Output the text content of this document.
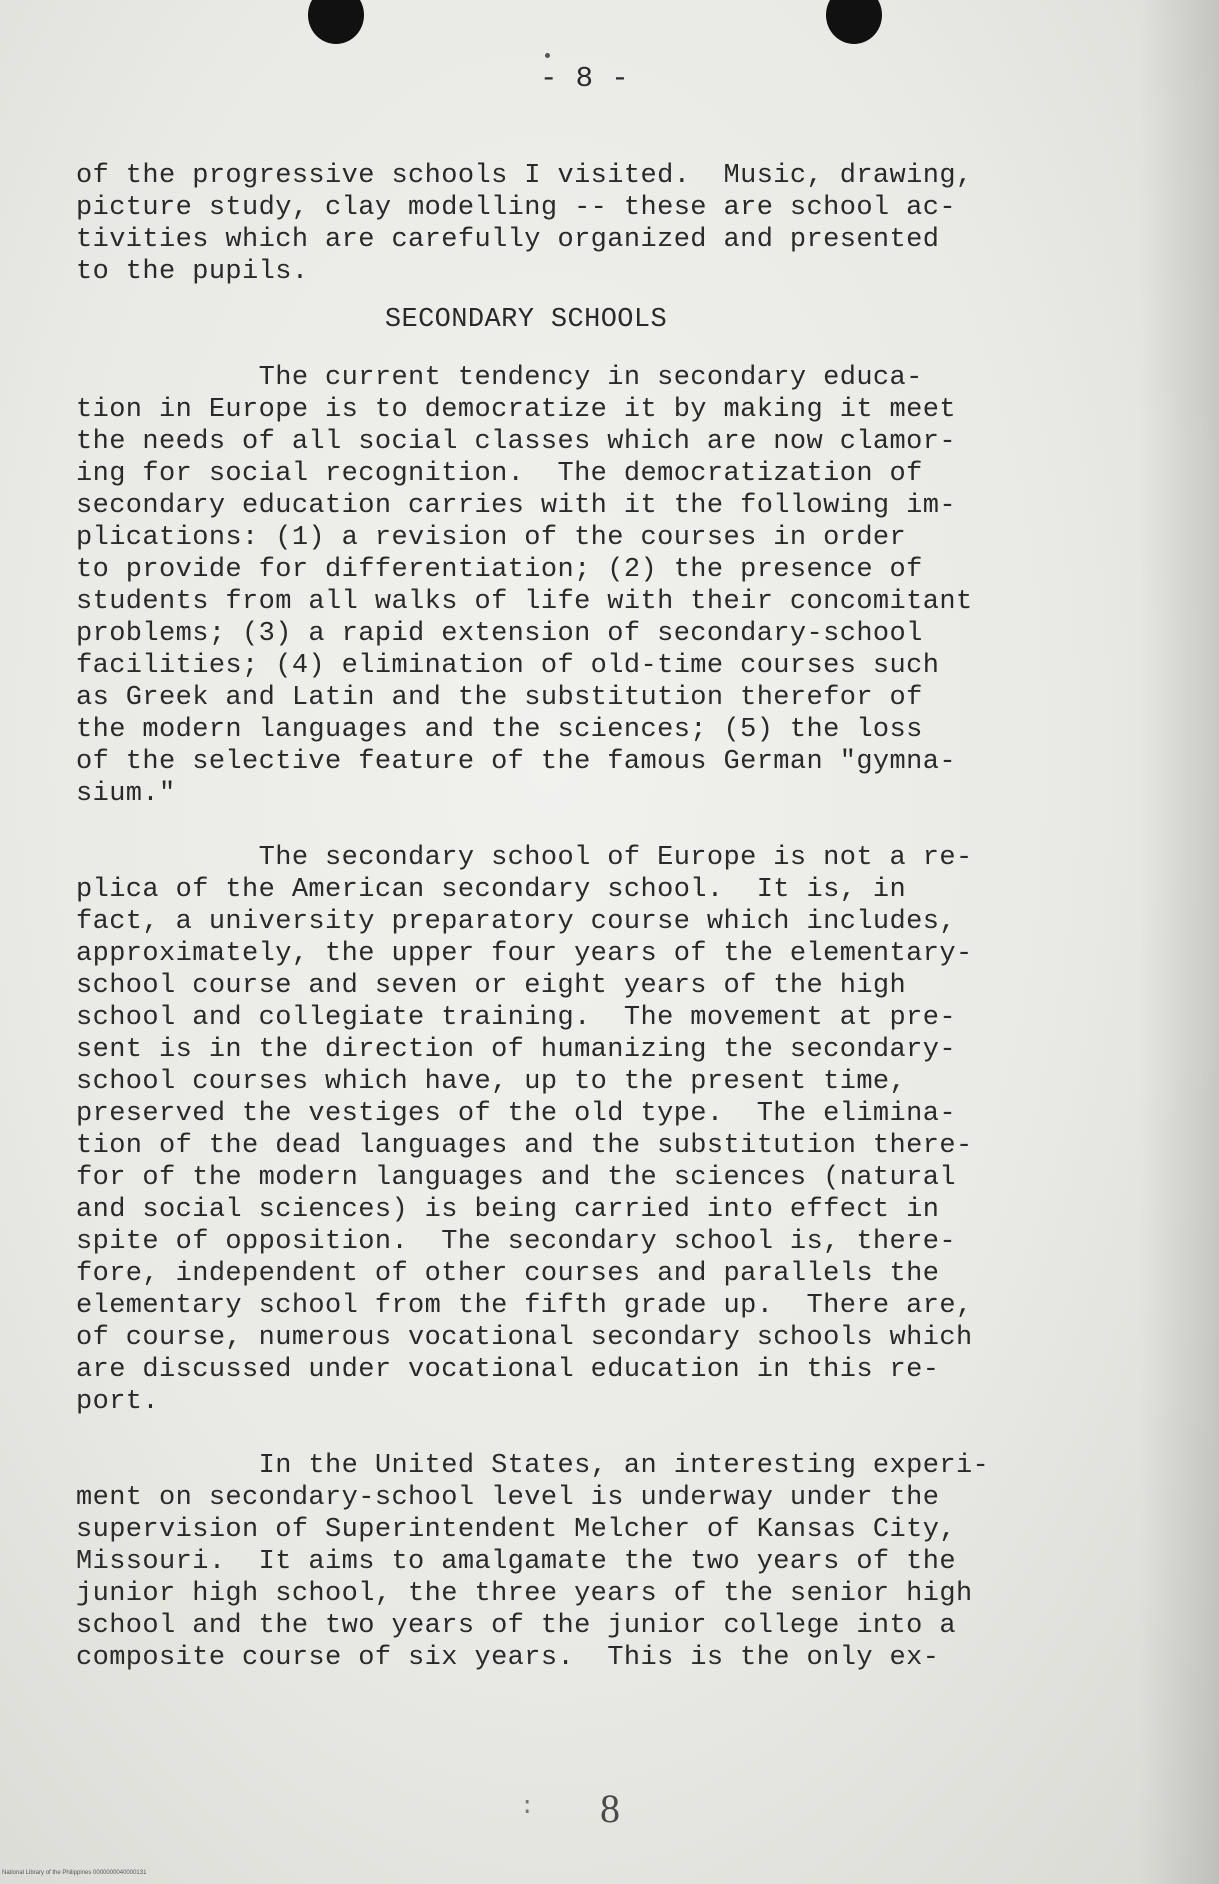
- 8 -

of the progressive schools I visited.  Music, drawing,

picture study, clay modelling -- these are school ac-

tivities which are carefully organized and presented

to the pupils.

SECONDARY SCHOOLS

The current tendency in secondary educa-

tion in Europe is to democratize it by making it meet

the needs of all social classes which are now clamor-

ing for social recognition.  The democratization of

secondary education carries with it the following im-

plications: (1) a revision of the courses in order

to provide for differentiation; (2) the presence of

students from all walks of life with their concomitant

problems; (3) a rapid extension of secondary-school

facilities; (4) elimination of old-time courses such

as Greek and Latin and the substitution therefor of

the modern languages and the sciences; (5) the loss

of the selective feature of the famous German "gymna-

sium."

The secondary school of Europe is not a re-

plica of the American secondary school.  It is, in

fact, a university preparatory course which includes,

approximately, the upper four years of the elementary-

school course and seven or eight years of the high

school and collegiate training.  The movement at pre-

sent is in the direction of humanizing the secondary-

school courses which have, up to the present time,

preserved the vestiges of the old type.  The elimina-

tion of the dead languages and the substitution there-

for of the modern languages and the sciences (natural

and social sciences) is being carried into effect in

spite of opposition.  The secondary school is, there-

fore, independent of other courses and parallels the

elementary school from the fifth grade up.  There are,

of course, numerous vocational secondary schools which

are discussed under vocational education in this re-

port.

In the United States, an interesting experi-

ment on secondary-school level is underway under the

supervision of Superintendent Melcher of Kansas City,

Missouri.  It aims to amalgamate the two years of the

junior high school, the three years of the senior high

school and the two years of the junior college into a

composite course of six years.  This is the only ex-

: 8
National Library of the Philippines 0000000040000131
